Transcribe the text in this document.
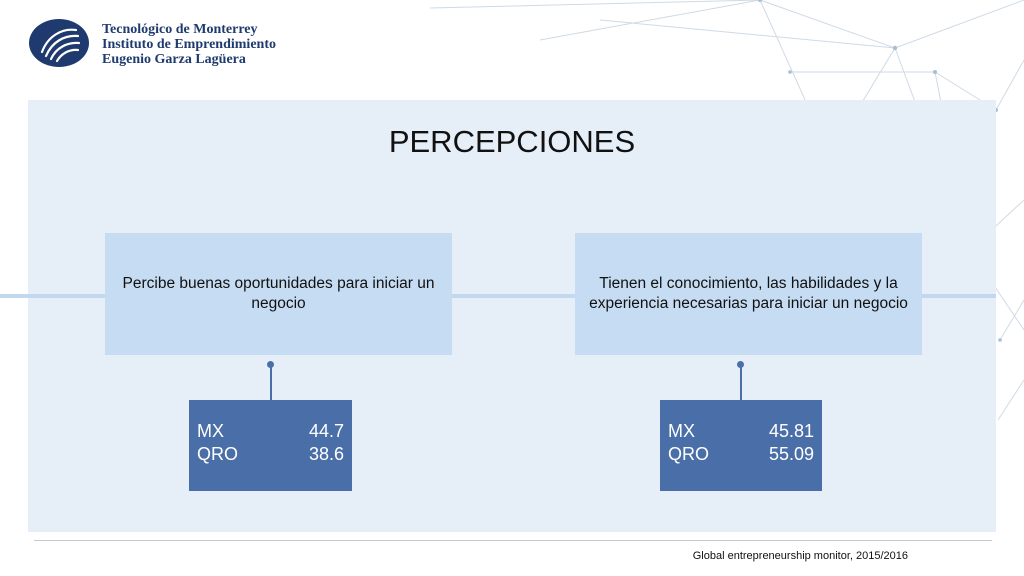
Tecnológico de Monterrey
Instituto de Emprendimiento
Eugenio Garza Lagüera
PERCEPCIONES
Percibe buenas oportunidades para iniciar un negocio
MX	44.7
QRO	38.6
Tienen el conocimiento, las habilidades y la experiencia necesarias para iniciar un negocio
MX	45.81
QRO	55.09
Global entrepreneurship monitor, 2015/2016
